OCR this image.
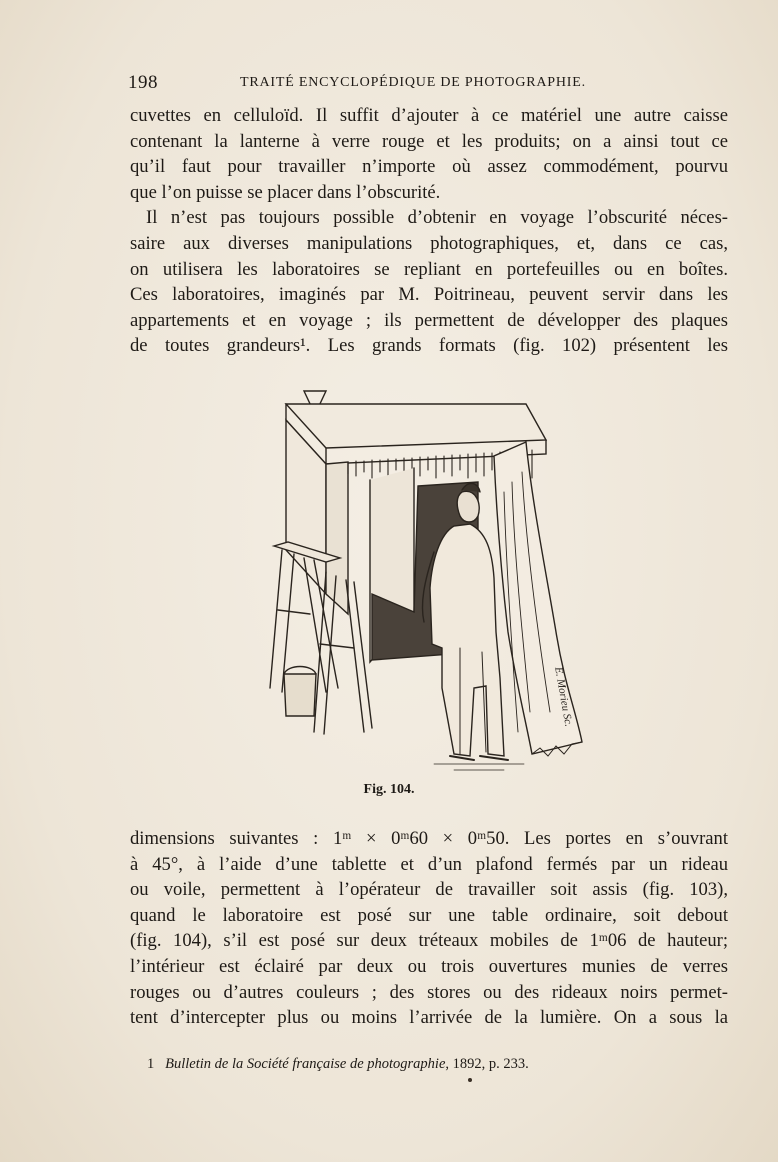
198	TRAITÉ ENCYCLOPÉDIQUE DE PHOTOGRAPHIE.
cuvettes en celluloïd. Il suffit d’ajouter à ce matériel une autre caisse
contenant la lanterne à verre rouge et les produits; on a ainsi tout ce
qu’il faut pour travailler n’importe où assez commodément, pourvu
que l’on puisse se placer dans l’obscurité.
Il n’est pas toujours possible d’obtenir en voyage l’obscurité néces-
saire aux diverses manipulations photographiques, et, dans ce cas,
on utilisera les laboratoires se repliant en portefeuilles ou en boîtes.
Ces laboratoires, imaginés par M. Poitrineau, peuvent servir dans les
appartements et en voyage ; ils permettent de développer des plaques
de toutes grandeurs¹. Les grands formats (fig. 102) présentent les
E. Morieu Sc.
Fig. 104.
dimensions suivantes : 1ᵐ × 0ᵐ60 × 0ᵐ50. Les portes en s’ouvrant
à 45°, à l’aide d’une tablette et d’un plafond fermés par un rideau
ou voile, permettent à l’opérateur de travailler soit assis (fig. 103),
quand le laboratoire est posé sur une table ordinaire, soit debout
(fig. 104), s’il est posé sur deux tréteaux mobiles de 1ᵐ06 de hauteur;
l’intérieur est éclairé par deux ou trois ouvertures munies de verres
rouges ou d’autres couleurs ; des stores ou des rideaux noirs permet-
tent d’intercepter plus ou moins l’arrivée de la lumière. On a sous la
1 Bulletin de la Société française de photographie, 1892, p. 233.
